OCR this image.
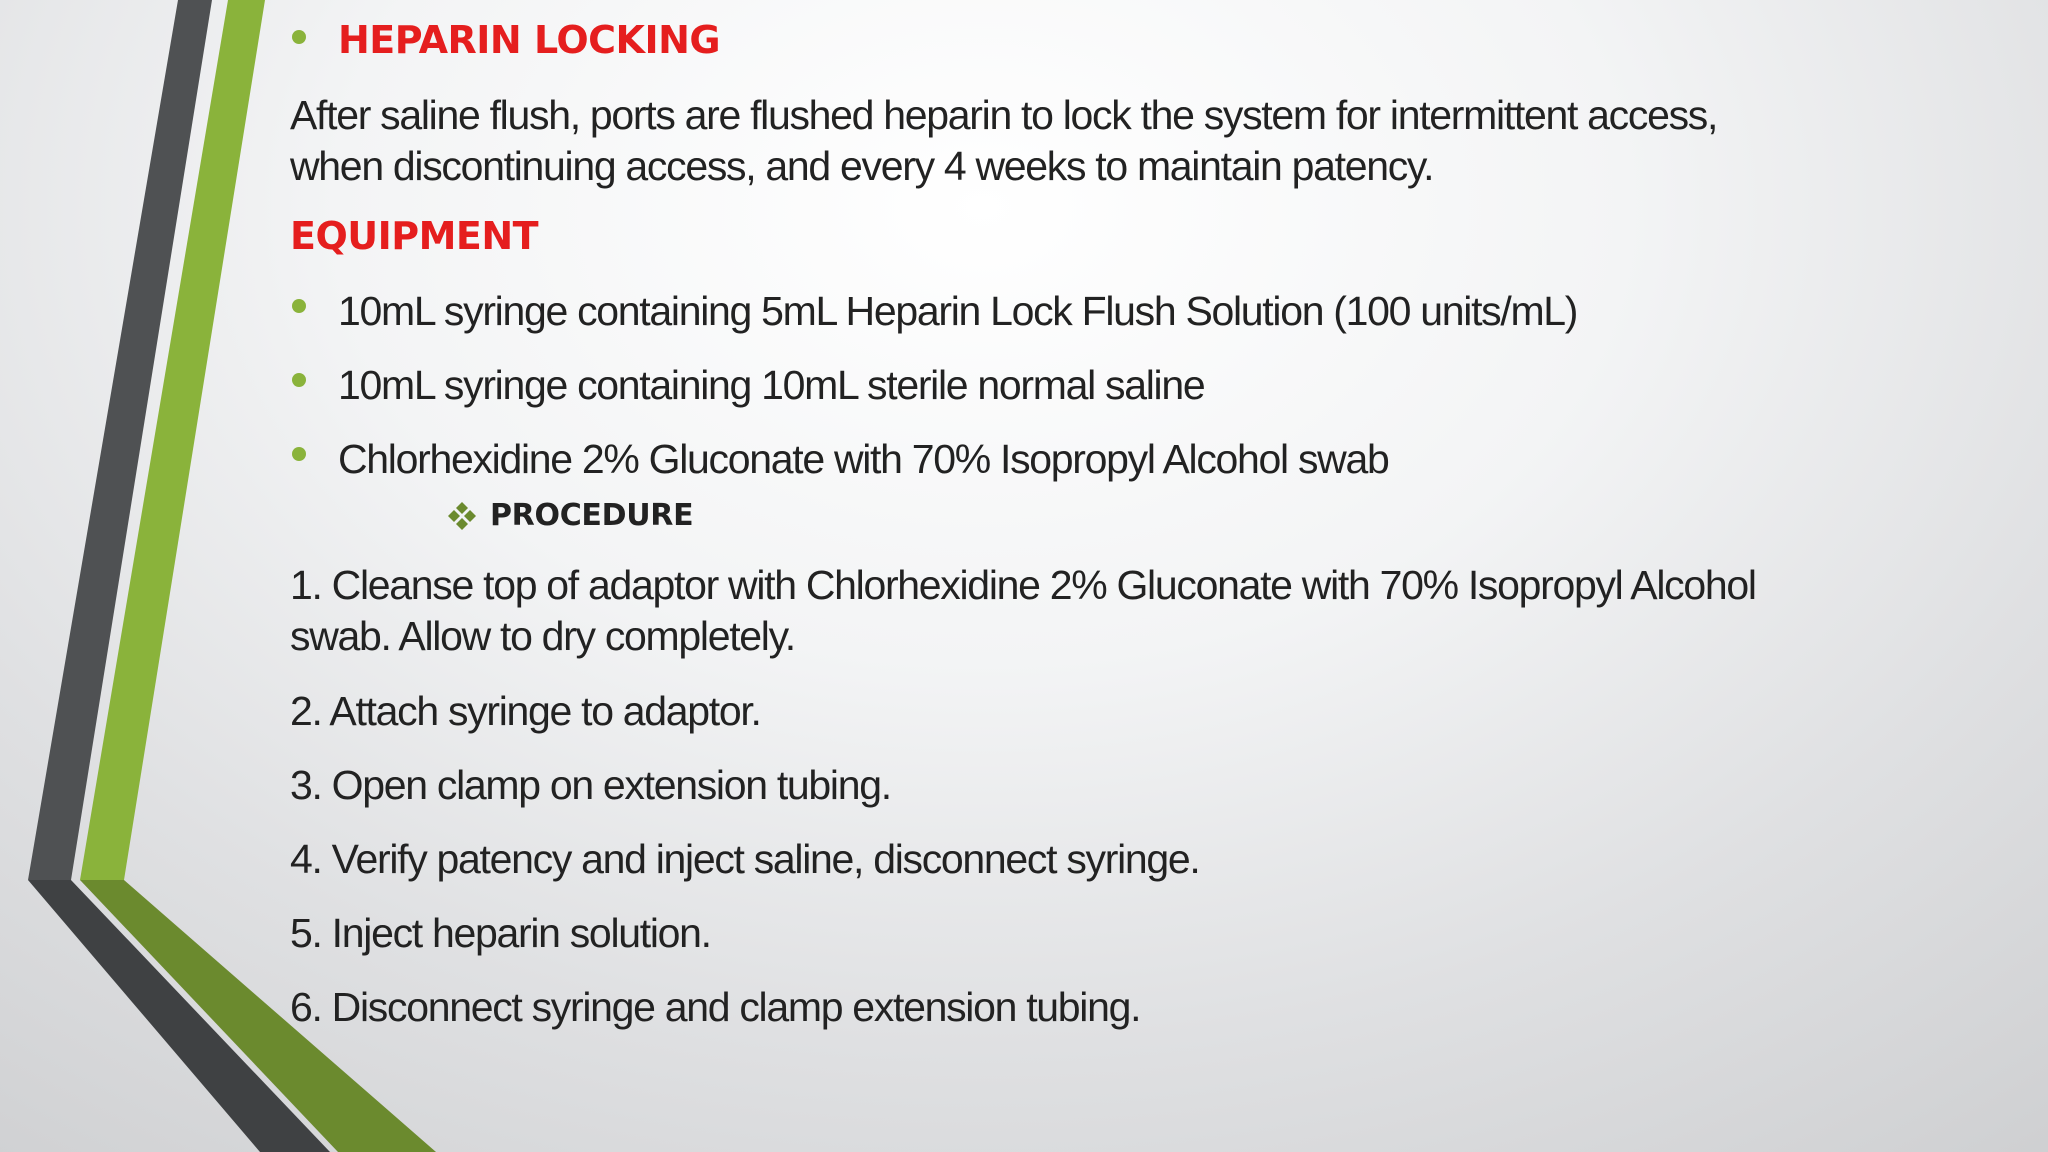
HEPARIN LOCKING
After saline flush, ports are flushed heparin to lock the system for intermittent access,
when discontinuing access, and every 4 weeks to maintain patency.
EQUIPMENT
10mL syringe containing 5mL Heparin Lock Flush Solution (100 units/mL)
10mL syringe containing 10mL sterile normal saline
Chlorhexidine 2% Gluconate with 70% Isopropyl Alcohol swab
PROCEDURE
1. Cleanse top of adaptor with Chlorhexidine 2% Gluconate with 70% Isopropyl Alcohol
swab. Allow to dry completely.
2. Attach syringe to adaptor.
3. Open clamp on extension tubing.
4. Verify patency and inject saline, disconnect syringe.
5. Inject heparin solution.
6. Disconnect syringe and clamp extension tubing.
